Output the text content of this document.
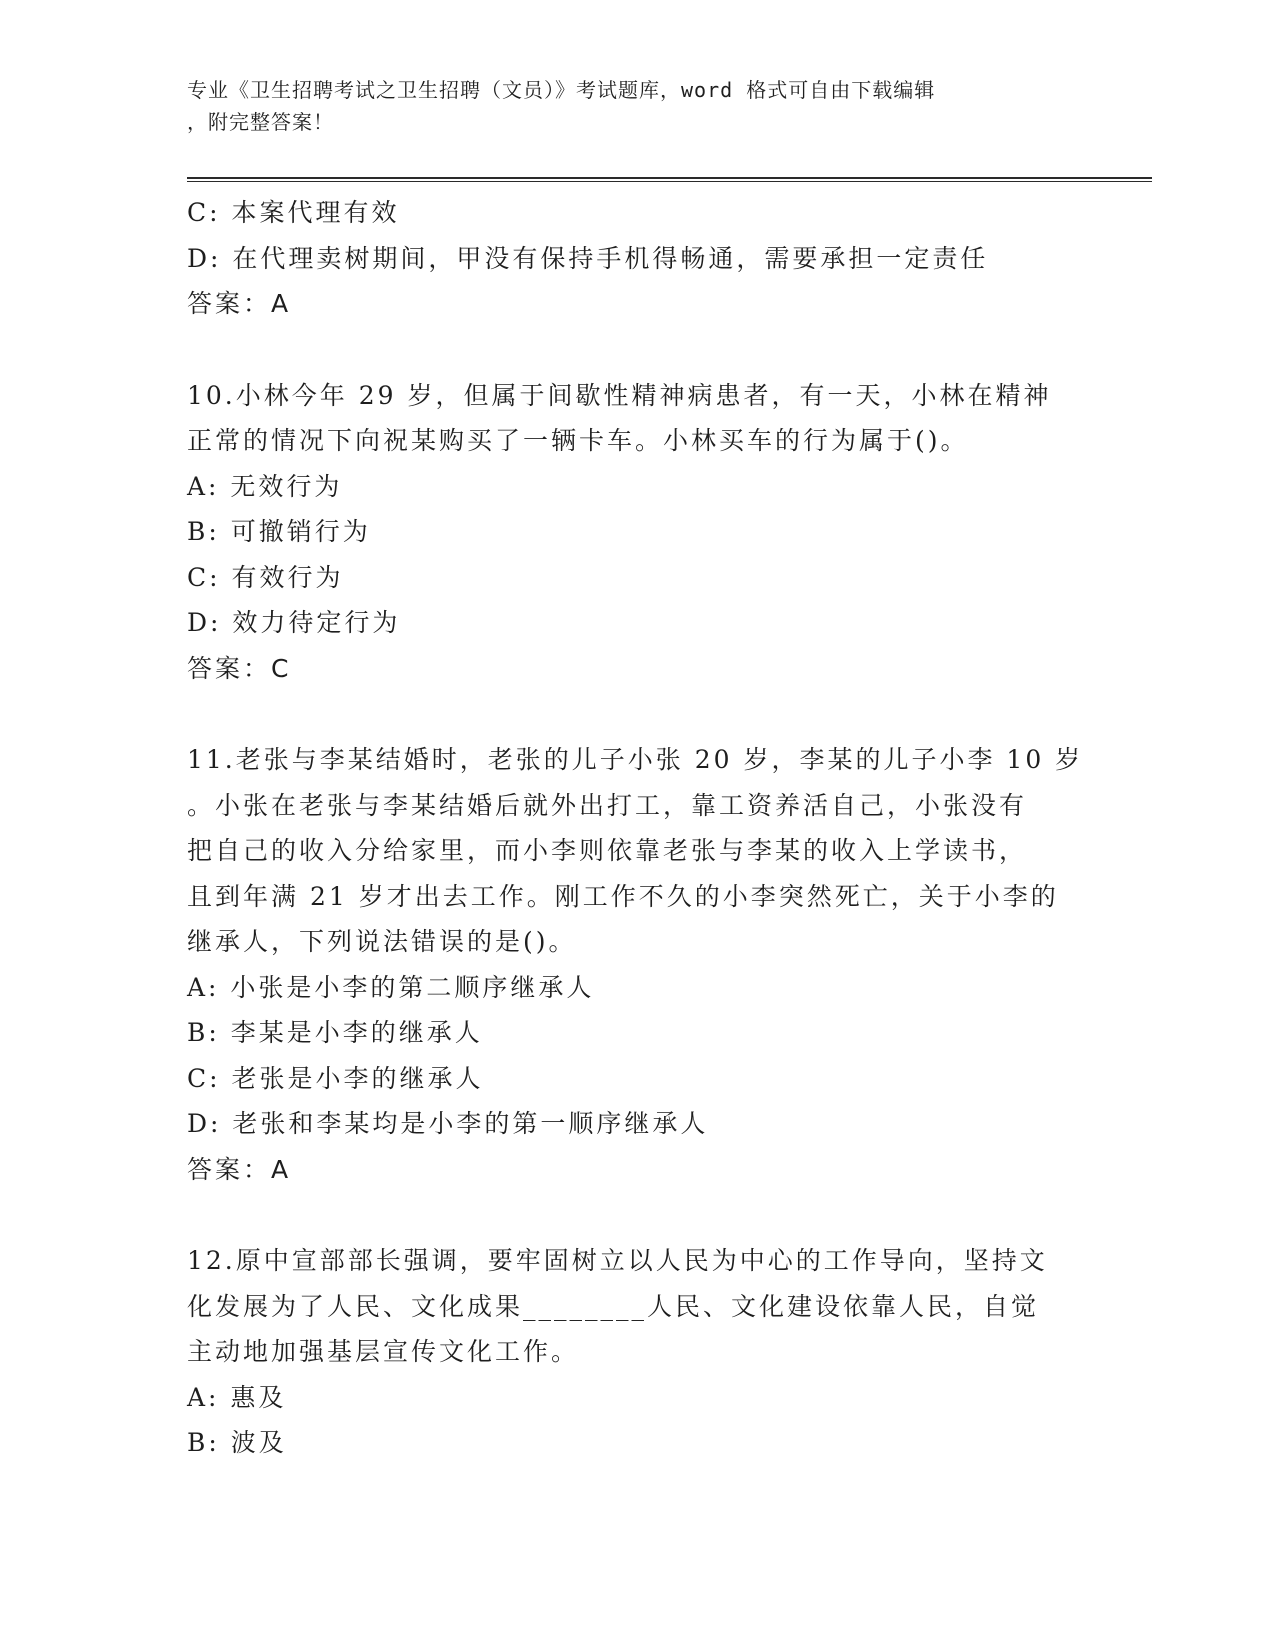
专业《卫生招聘考试之卫生招聘（文员）》考试题库，word 格式可自由下载编辑
，附完整答案！
C: 本案代理有效
D: 在代理卖树期间，甲没有保持手机得畅通，需要承担一定责任
答案：A
10.小林今年 29 岁，但属于间歇性精神病患者，有一天，小林在精神
正常的情况下向祝某购买了一辆卡车。小林买车的行为属于()。
A: 无效行为
B: 可撤销行为
C: 有效行为
D: 效力待定行为
答案：C
11.老张与李某结婚时，老张的儿子小张 20 岁，李某的儿子小李 10 岁
。小张在老张与李某结婚后就外出打工，靠工资养活自己，小张没有
把自己的收入分给家里，而小李则依靠老张与李某的收入上学读书，
且到年满 21 岁才出去工作。刚工作不久的小李突然死亡，关于小李的
继承人，下列说法错误的是()。
A: 小张是小李的第二顺序继承人
B: 李某是小李的继承人
C: 老张是小李的继承人
D: 老张和李某均是小李的第一顺序继承人
答案：A
12.原中宣部部长强调，要牢固树立以人民为中心的工作导向，坚持文
化发展为了人民、文化成果________人民、文化建设依靠人民，自觉
主动地加强基层宣传文化工作。
A: 惠及
B: 波及
